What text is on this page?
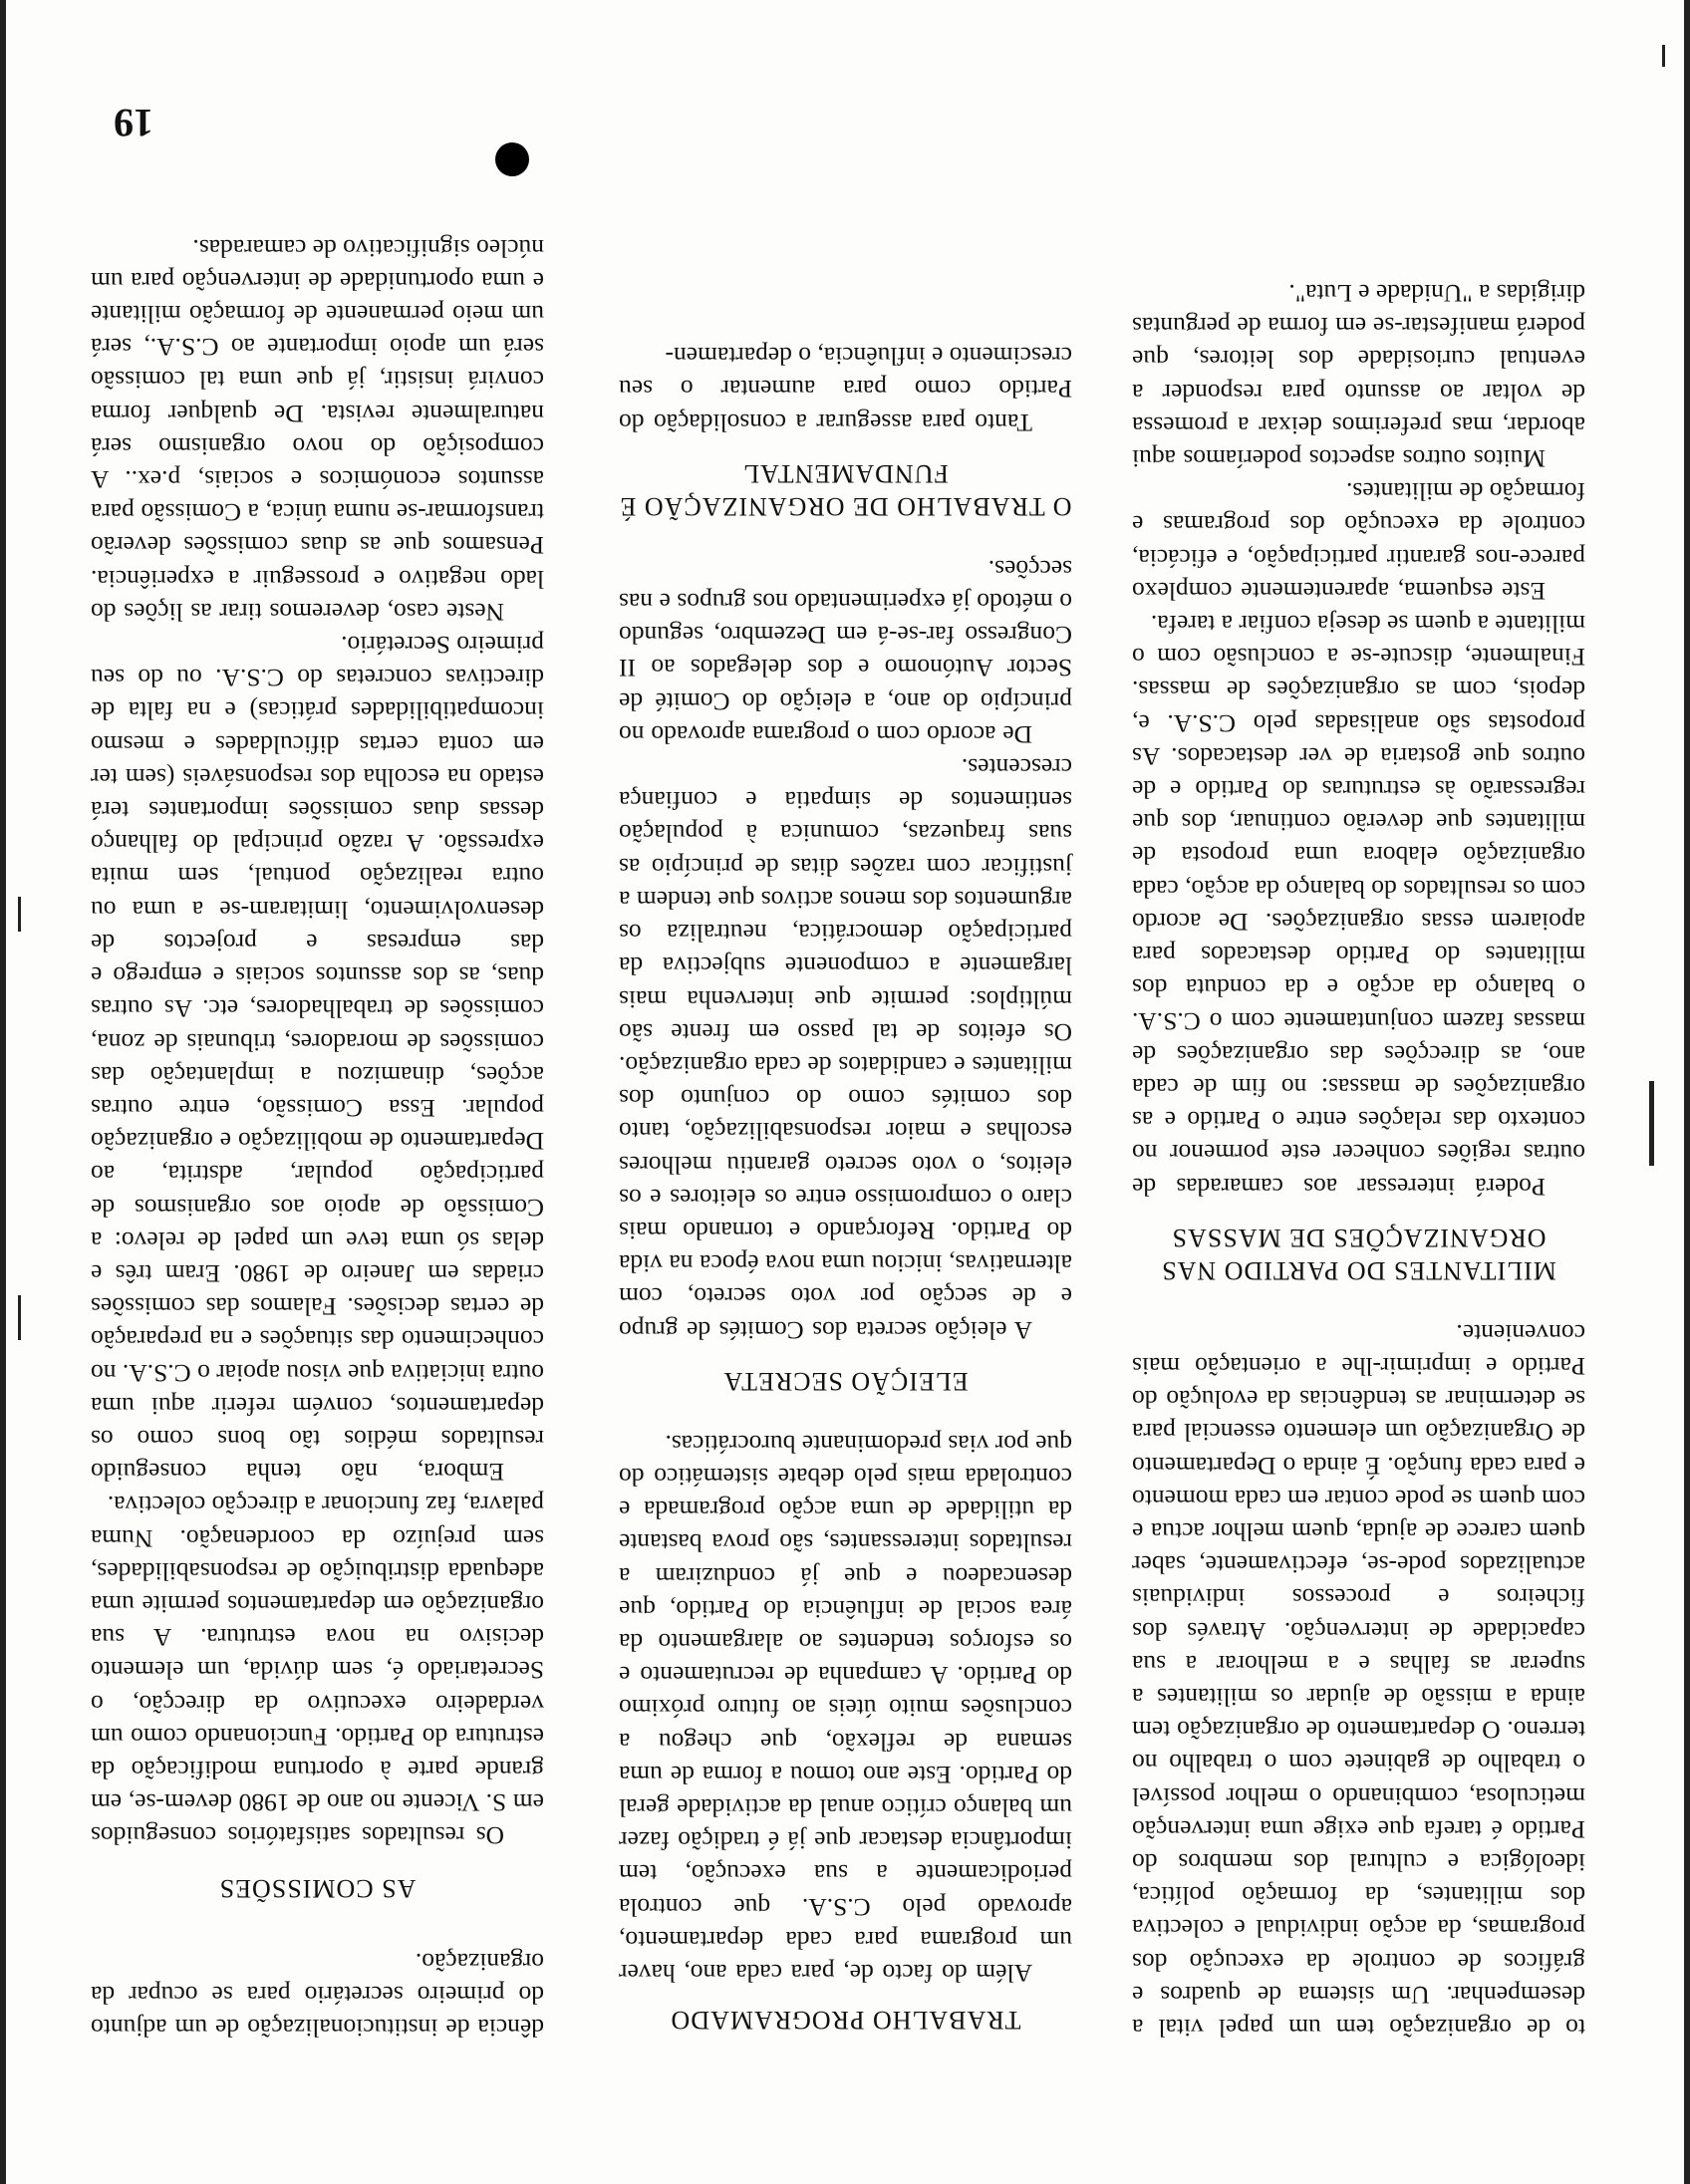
to de organização tem um papel vital a desempenhar. Um sistema de quadros e gráficos de controle da execução dos programas, da acção individual e colectiva dos militantes, da formação política, ideológica e cultural dos membros do Partido é tarefa que exige uma intervenção meticulosa, combinando o melhor possível o trabalho de gabinete com o trabalho no terreno. O departamento de organização tem ainda a missão de ajudar os militantes a superar as falhas e a melhorar a sua capacidade de intervenção. Através dos ficheiros e processos individuais actualizados pode-se, efectivamente, saber quem carece de ajuda, quem melhor actua e com quem se pode contar em cada momento e para cada função. É ainda o Departamento de Organização um elemento essencial para se determinar as tendências da evolução do Partido e imprimir-lhe a orientação mais conveniente.

MILITANTES DO PARTIDO NAS ORGANIZAÇÕES DE MASSAS

Poderá interessar aos camaradas de outras regiões conhecer este pormenor no contexto das relações entre o Partido e as organizações de massas: no fim de cada ano, as direcções das organizações de massas fazem conjuntamente com o C.S.A. o balanço da acção e da conduta dos militantes do Partido destacados para apoiarem essas organizações. De acordo com os resultados do balanço da acção, cada organização elabora uma proposta de militantes que deverão continuar, dos que regressarão às estruturas do Partido e de outros que gostaria de ver destacados. As propostas são analisadas pelo C.S.A. e, depois, com as organizações de massas. Finalmente, discute-se a conclusão com o militante a quem se deseja confiar a tarefa.

Este esquema, aparentemente complexo parece-nos garantir participação, e eficácia, controle da execução dos programas e formação de militantes.

Muitos outros aspectos poderíamos aqui abordar, mas preferimos deixar a promessa de voltar ao assunto para responder a eventual curiosidade dos leitores, que poderá manifestar-se em forma de perguntas dirigidas a "Unidade e Luta".

TRABALHO PROGRAMADO

Além do facto de, para cada ano, haver um programa para cada departamento, aprovado pelo C.S.A. que controla periodicamente a sua execução, tem importância destacar que já é tradição fazer um balanço crítico anual da actividade geral do Partido. Este ano tomou a forma de uma semana de reflexão, que chegou a conclusões muito úteis ao futuro próximo do Partido. A campanha de recrutamento e os esforços tendentes ao alargamento da área social de influência do Partido, que desencadeou e que já conduziram a resultados interessantes, são prova bastante da utilidade de uma acção programada e controlada mais pelo debate sistemático do que por vias predominante burocráticas.

ELEIÇÃO SECRETA

A eleição secreta dos Comités de grupo e de secção por voto secreto, com alternativas, iniciou uma nova época na vida do Partido. Reforçando e tornando mais claro o compromisso entre os eleitores e os eleitos, o voto secreto garantiu melhores escolhas e maior responsabilização, tanto dos comités como do conjunto dos militantes e candidatos de cada organização. Os efeitos de tal passo em frente são múltiplos: permite que intervenha mais largamente a componente subjectiva da participação democrática, neutraliza os argumentos dos menos activos que tendem a justificar com razões ditas de princípio as suas fraquezas, comunica à população sentimentos de simpatia e confiança crescentes.

De acordo com o programa aprovado no princípio do ano, a eleição do Comité de Sector Autónomo e dos delegados ao II Congresso far-se-á em Dezembro, segundo o método já experimentado nos grupos e nas secções.

O TRABALHO DE ORGANIZAÇÃO É FUNDAMENTAL

Tanto para assegurar a consolidação do Partido como para aumentar o seu crescimento e influência, o departamen-

dência de institucionalização de um adjunto do primeiro secretário para se ocupar da organização.

AS COMISSÕES

Os resultados satisfatórios conseguidos em S. Vicente no ano de 1980 devem-se, em grande parte à oportuna modificação da estrutura do Partido. Funcionando como um verdadeiro executivo da direcção, o Secretariado é, sem dúvida, um elemento decisivo na nova estrutura. A sua organização em departamentos permite uma adequada distribuição de responsabilidades, sem prejuízo da coordenação. Numa palavra, faz funcionar a direcção colectiva.

Embora, não tenha conseguido resultados médios tão bons como os departamentos, convém referir aqui uma outra iniciativa que visou apoiar o C.S.A. no conhecimento das situações e na preparação de certas decisões. Falamos das comissões criadas em Janeiro de 1980. Eram três e delas só uma teve um papel de relevo: a Comissão de apoio aos organismos de participação popular, adstrita, ao Departamento de mobilização e organização popular. Essa Comissão, entre outras acções, dinamizou a implantação das comissões de moradores, tribunais de zona, comissões de trabalhadores, etc. As outras duas, as dos assuntos sociais e emprego e das empresas e projectos de desenvolvimento, limitaram-se a uma ou outra realização pontual, sem muita expressão. A razão principal do falhanço dessas duas comissões importantes terá estado na escolha dos responsáveis (sem ter em conta certas dificuldades e mesmo incompatibilidades práticas) e na falta de directivas concretas do C.S.A. ou do seu primeiro Secretário.

Neste caso, deveremos tirar as lições do lado negativo e prosseguir a experiência. Pensamos que as duas comissões deverão transformar-se numa única, a Comissão para assuntos económicos e sociais, p.ex.. A composição do novo organismo será naturalmente revista. De qualquer forma convirá insistir, já que uma tal comissão será um apoio importante ao C.S.A., será um meio permanente de formação militante e uma oportunidade de intervenção para um núcleo significativo de camaradas.

19
